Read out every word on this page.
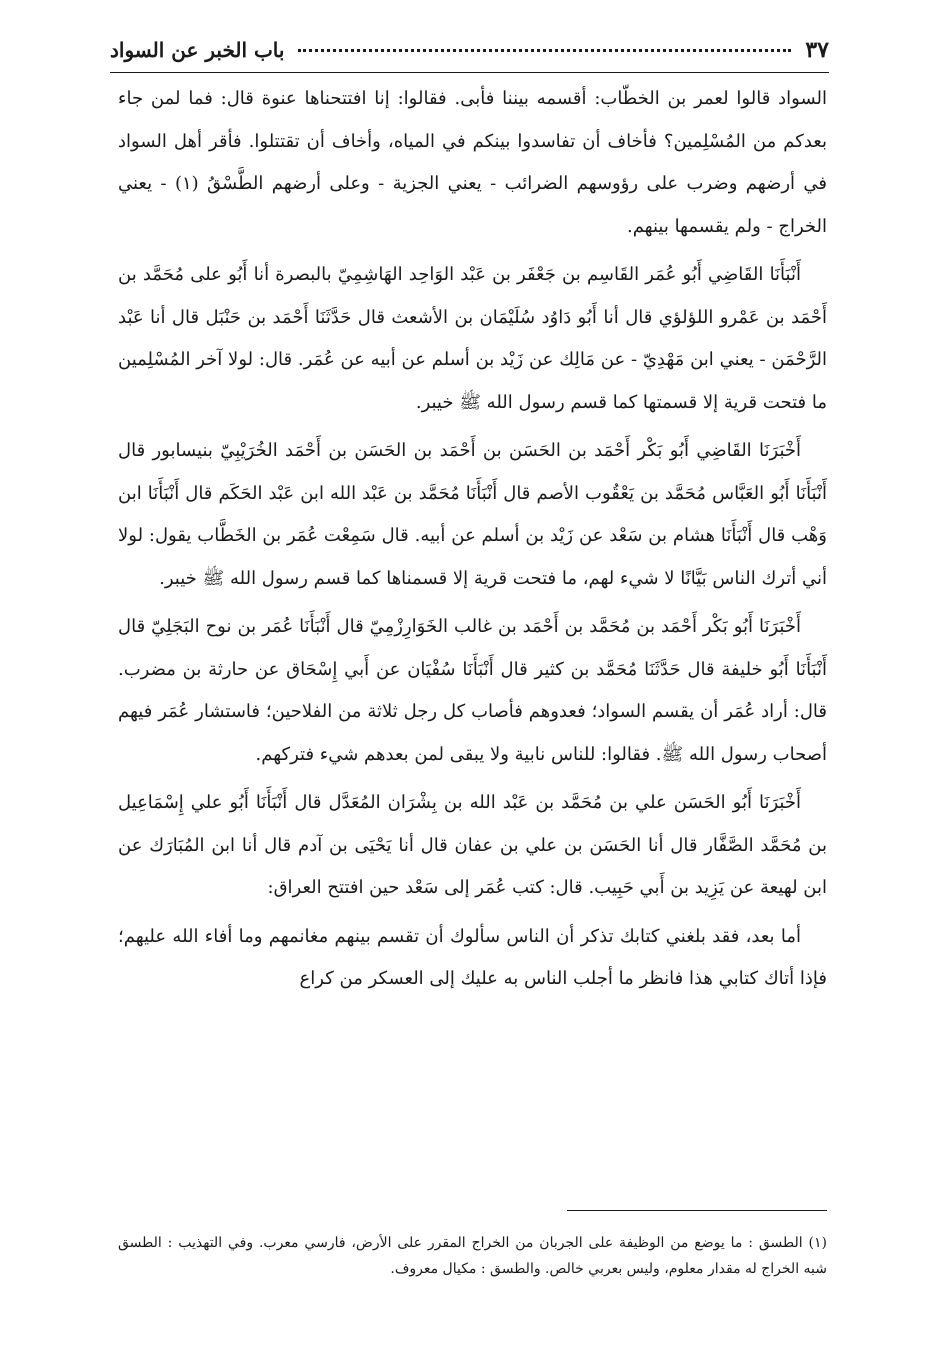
باب الخبر عن السواد	٣٧

السواد قالوا لعمر بن الخطّاب: أقسمه بيننا فأبى. فقالوا: إنا افتتحناها عنوة قال: فما لمن جاء بعدكم من المُسْلِمين؟ فأخاف أن تفاسدوا بينكم في المياه، وأخاف أن تقتتلوا. فأقر أهل السواد في أرضهم وضرب على رؤوسهم الضرائب - يعني الجزية - وعلى أرضهم الطَّسْقُ (١) - يعني الخراج - ولم يقسمها بينهم.

أَنْبَأَنَا القَاضِي أَبُو عُمَر القَاسِم بن جَعْفَر بن عَبْد الوَاحِد الهَاشِمِيّ بالبصرة أنا أَبُو على مُحَمَّد بن أَحْمَد بن عَمْرو اللؤلؤي قال أنا أَبُو دَاوُد سُلَيْمَان بن الأشعث قال حَدَّثَنَا أَحْمَد بن حَنْبَل قال أنا عَبْد الرَّحْمَن - يعني ابن مَهْدِيّ - عن مَالِك عن زَيْد بن أسلم عن أبيه عن عُمَر. قال: لولا آخر المُسْلِمين ما فتحت قرية إلا قسمتها كما قسم رسول الله ﷺ خيبر.

أَخْبَرَنَا القَاضِي أَبُو بَكْر أَحْمَد بن الحَسَن بن أَحْمَد بن الحَسَن بن أَحْمَد الخُرَيْبِيّ بنيسابور قال أَنْبَأَنَا أَبُو العَبَّاس مُحَمَّد بن يَعْقُوب الأصم قال أَنْبَأَنَا مُحَمَّد بن عَبْد الله ابن عَبْد الحَكَم قال أَنْبَأَنَا ابن وَهْب قال أَنْبَأَنَا هشام بن سَعْد عن زَيْد بن أسلم عن أبيه. قال سَمِعْت عُمَر بن الخَطَّاب يقول: لولا أني أترك الناس بَيَّانًا لا شيء لهم، ما فتحت قرية إلا قسمناها كما قسم رسول الله ﷺ خيبر.

أَخْبَرَنَا أَبُو بَكْر أَحْمَد بن مُحَمَّد بن أَحْمَد بن غالب الخَوَارِزْمِيّ قال أَنْبَأَنَا عُمَر بن نوح البَجَلِيّ قال أَنْبَأَنَا أَبُو خليفة قال حَدَّثَنَا مُحَمَّد بن كثير قال أَنْبَأَنَا سُفْيَان عن أَبي إِسْحَاق عن حارثة بن مضرب. قال: أراد عُمَر أن يقسم السواد؛ فعدوهم فأصاب كل رجل ثلاثة من الفلاحين؛ فاستشار عُمَر فيهم أصحاب رسول الله ﷺ. فقالوا: للناس نابية ولا يبقى لمن بعدهم شيء فتركهم.

أَخْبَرَنَا أَبُو الحَسَن علي بن مُحَمَّد بن عَبْد الله بن بِشْرَان المُعَدَّل قال أَنْبَأَنَا أَبُو علي إِسْمَاعِيل بن مُحَمَّد الصَّفَّار قال أنا الحَسَن بن علي بن عفان قال أنا يَحْيَى بن آدم قال أنا ابن المُبَارَك عن ابن لهيعة عن يَزِيد بن أَبي حَبِيب. قال: كتب عُمَر إلى سَعْد حين افتتح العراق:

أما بعد، فقد بلغني كتابك تذكر أن الناس سألوك أن تقسم بينهم مغانمهم وما أفاء الله عليهم؛ فإذا أتاك كتابي هذا فانظر ما أجلب الناس به عليك إلى العسكر من كراع

(١) الطسق : ما يوضع من الوظيفة على الجربان من الخراج المقرر على الأرض، فارسي معرب. وفي التهذيب : الطسق شبه الخراج له مقدار معلوم، وليس بعربي خالص. والطسق : مكيال معروف.
